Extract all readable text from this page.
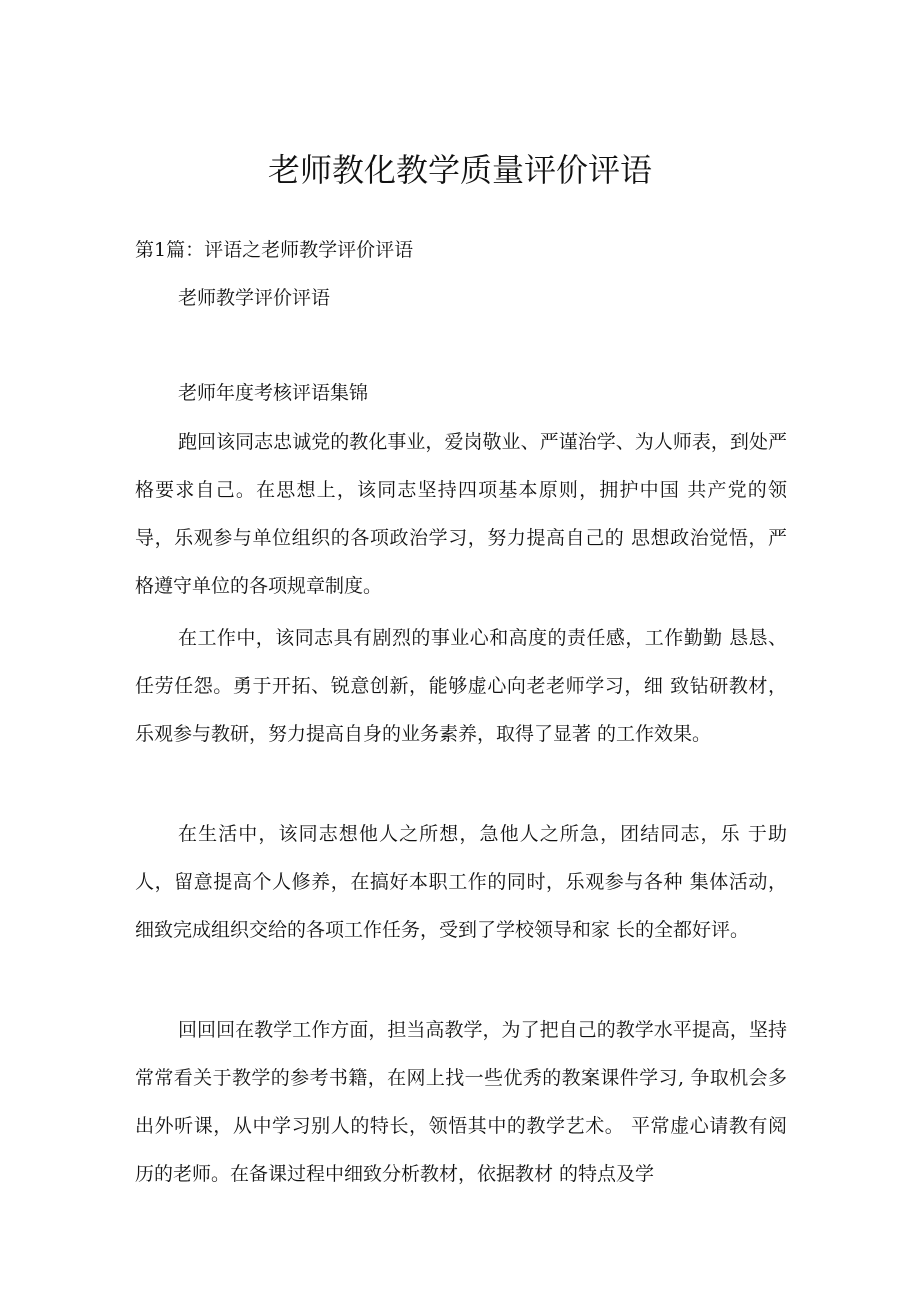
老师教化教学质量评价评语

第1篇：评语之老师教学评价评语

老师教学评价评语

老师年度考核评语集锦

跑回该同志忠诚党的教化事业，爱岗敬业、严谨治学、为人师表，到处严格要求自己。在思想上，该同志坚持四项基本原则，拥护中国 共产党的领导，乐观参与单位组织的各项政治学习，努力提高自己的 思想政治觉悟，严格遵守单位的各项规章制度。

在工作中，该同志具有剧烈的事业心和高度的责任感，工作勤勤 恳恳、任劳任怨。勇于开拓、锐意创新，能够虚心向老老师学习，细 致钻研教材，乐观参与教研，努力提高自身的业务素养，取得了显著 的工作效果。

在生活中，该同志想他人之所想，急他人之所急，团结同志，乐 于助人，留意提高个人修养，在搞好本职工作的同时，乐观参与各种 集体活动，细致完成组织交给的各项工作任务，受到了学校领导和家 长的全都好评。

回回回在教学工作方面，担当高教学，为了把自己的教学水平提高，坚持常常看关于教学的参考书籍，在网上找一些优秀的教案课件学习, 争取机会多出外听课，从中学习别人的特长，领悟其中的教学艺术。 平常虚心请教有阅历的老师。在备课过程中细致分析教材，依据教材 的特点及学
